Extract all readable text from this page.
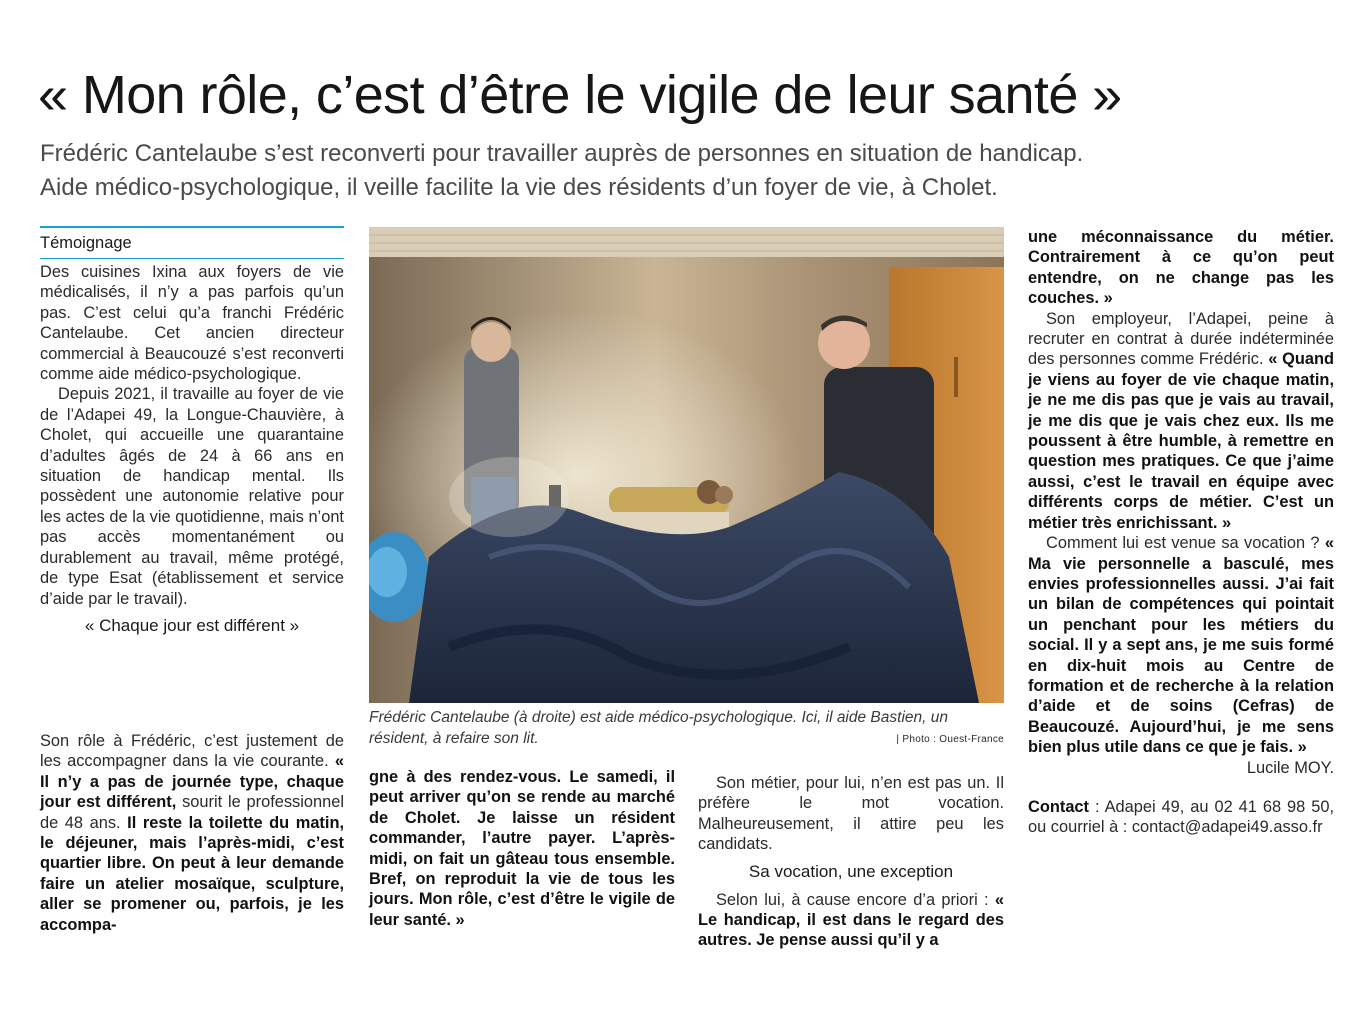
« Mon rôle, c’est d’être le vigile de leur santé »
Frédéric Cantelaube s’est reconverti pour travailler auprès de personnes en situation de handicap.
Aide médico-psychologique, il veille facilite la vie des résidents d’un foyer de vie, à Cholet.
Témoignage

Des cuisines Ixina aux foyers de vie médicalisés, il n’y a pas parfois qu’un pas. C’est celui qu’a franchi Frédéric Cantelaube. Cet ancien directeur commercial à Beaucouzé s’est reconverti comme aide médico-psychologique.

Depuis 2021, il travaille au foyer de vie de l’Adapei 49, la Longue-Chauvière, à Cholet, qui accueille une quarantaine d’adultes âgés de 24 à 66 ans en situation de handicap mental. Ils possèdent une autonomie relative pour les actes de la vie quotidienne, mais n’ont pas accès momentanément ou durablement au travail, même protégé, de type Esat (établissement et service d’aide par le travail).

« Chaque jour est différent »

Son rôle à Frédéric, c’est justement de les accompagner dans la vie courante. « Il n’y a pas de journée type, chaque jour est différent, sourit le professionnel de 48 ans. Il reste la toilette du matin, le déjeuner, mais l’après-midi, c’est quartier libre. On peut à leur demande faire un atelier mosaïque, sculpture, aller se promener ou, parfois, je les accompa-

Frédéric Cantelaube (à droite) est aide médico-psychologique. Ici, il aide Bastien, un résident, à refaire son lit.	| Photo : Ouest-France

gne à des rendez-vous. Le samedi, il peut arriver qu’on se rende au marché de Cholet. Je laisse un résident commander, l’autre payer. L’après-midi, on fait un gâteau tous ensemble. Bref, on reproduit la vie de tous les jours. Mon rôle, c’est d’être le vigile de leur santé. »

Son métier, pour lui, n’en est pas un. Il préfère le mot vocation. Malheureusement, il attire peu les candidats.

Sa vocation, une exception

Selon lui, à cause encore d’a priori : « Le handicap, il est dans le regard des autres. Je pense aussi qu’il y a

une méconnaissance du métier. Contrairement à ce qu’on peut entendre, on ne change pas les couches. »

Son employeur, l’Adapei, peine à recruter en contrat à durée indéterminée des personnes comme Frédéric. « Quand je viens au foyer de vie chaque matin, je ne me dis pas que je vais au travail, je me dis que je vais chez eux. Ils me poussent à être humble, à remettre en question mes pratiques. Ce que j’aime aussi, c’est le travail en équipe avec différents corps de métier. C’est un métier très enrichissant. »

Comment lui est venue sa vocation ? « Ma vie personnelle a basculé, mes envies professionnelles aussi. J’ai fait un bilan de compétences qui pointait un penchant pour les métiers du social. Il y a sept ans, je me suis formé en dix-huit mois au Centre de formation et de recherche à la relation d’aide et de soins (Cefras) de Beaucouzé. Aujourd’hui, je me sens bien plus utile dans ce que je fais. »

Lucile MOY.

Contact : Adapei 49, au 02 41 68 98 50, ou courriel à : contact@adapei49.asso.fr
